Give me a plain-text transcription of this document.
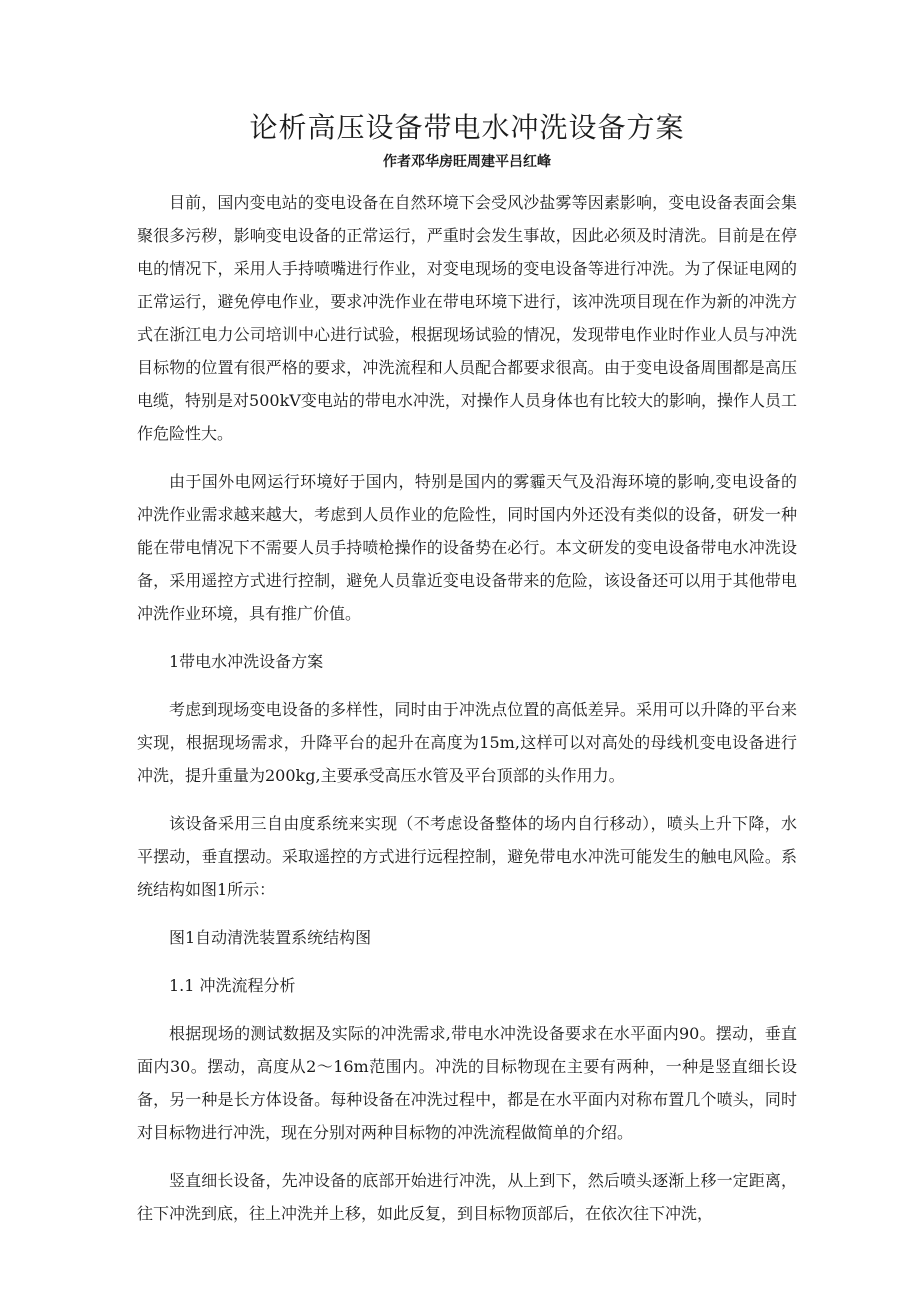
论析高压设备带电水冲洗设备方案
作者邓华房旺周建平吕红峰

目前，国内变电站的变电设备在自然环境下会受风沙盐雾等因素影响，变电设备表面会集聚很多污秽，影响变电设备的正常运行，严重时会发生事故，因此必须及时清洗。目前是在停电的情况下，采用人手持喷嘴进行作业，对变电现场的变电设备等进行冲洗。为了保证电网的正常运行，避免停电作业，要求冲洗作业在带电环境下进行，该冲洗项目现在作为新的冲洗方式在浙江电力公司培训中心进行试验，根据现场试验的情况，发现带电作业时作业人员与冲洗目标物的位置有很严格的要求，冲洗流程和人员配合都要求很高。由于变电设备周围都是高压电缆，特别是对500kV变电站的带电水冲洗，对操作人员身体也有比较大的影响，操作人员工作危险性大。

由于国外电网运行环境好于国内，特别是国内的雾霾天气及沿海环境的影响,变电设备的冲洗作业需求越来越大，考虑到人员作业的危险性，同时国内外还没有类似的设备，研发一种能在带电情况下不需要人员手持喷枪操作的设备势在必行。本文研发的变电设备带电水冲洗设备，采用遥控方式进行控制，避免人员靠近变电设备带来的危险，该设备还可以用于其他带电冲洗作业环境，具有推广价值。

1带电水冲洗设备方案

考虑到现场变电设备的多样性，同时由于冲洗点位置的高低差异。采用可以升降的平台来实现，根据现场需求，升降平台的起升在高度为15m,这样可以对高处的母线机变电设备进行冲洗，提升重量为200kg,主要承受高压水管及平台顶部的头作用力。

该设备采用三自由度系统来实现（不考虑设备整体的场内自行移动），喷头上升下降，水平摆动，垂直摆动。采取遥控的方式进行远程控制，避免带电水冲洗可能发生的触电风险。系统结构如图1所示：

图1自动清洗装置系统结构图

1.1 冲洗流程分析

根据现场的测试数据及实际的冲洗需求,带电水冲洗设备要求在水平面内90。摆动，垂直面内30。摆动，高度从2～16m范围内。冲洗的目标物现在主要有两种，一种是竖直细长设备，另一种是长方体设备。每种设备在冲洗过程中，都是在水平面内对称布置几个喷头，同时对目标物进行冲洗，现在分别对两种目标物的冲洗流程做简单的介绍。

竖直细长设备，先冲设备的底部开始进行冲洗，从上到下，然后喷头逐渐上移一定距离，往下冲洗到底，往上冲洗并上移，如此反复，到目标物顶部后，在依次往下冲洗，
